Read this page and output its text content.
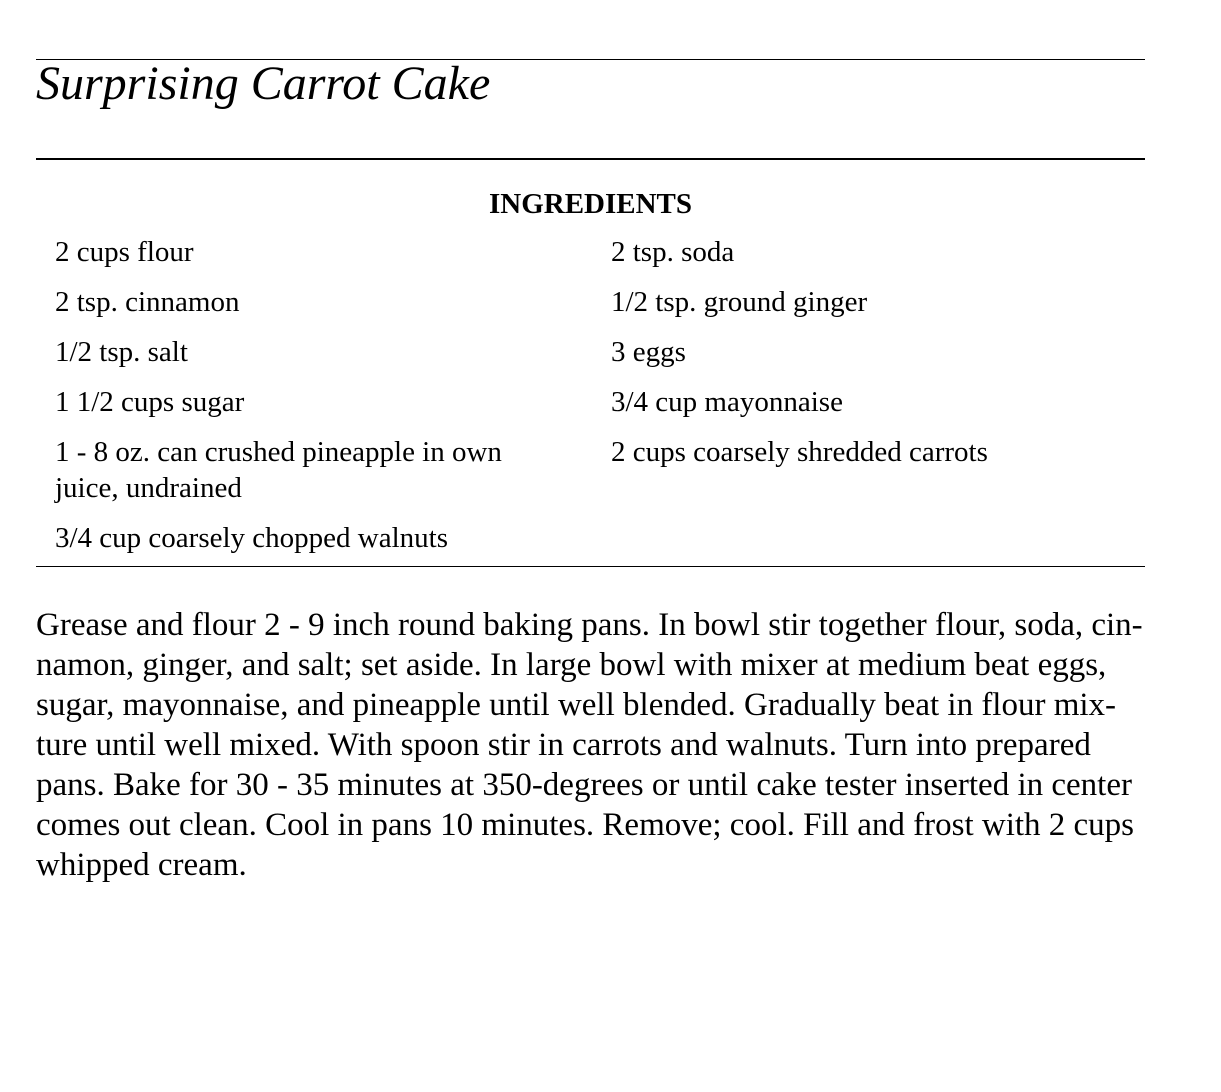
Surprising Carrot Cake
INGREDIENTS
2 cups flour
2 tsp. cinnamon
1/2 tsp. salt
1 1/2 cups sugar
1 - 8 oz. can crushed pineapple in own juice, undrained
3/4 cup coarsely chopped walnuts
2 tsp. soda
1/2 tsp. ground ginger
3 eggs
3/4 cup mayonnaise
2 cups coarsely shredded carrots

Grease and flour 2 - 9 inch round baking pans. In bowl stir together flour, soda, cin-
namon, ginger, and salt; set aside. In large bowl with mixer at medium beat eggs,
sugar, mayonnaise, and pineapple until well blended. Gradually beat in flour mix-
ture until well mixed. With spoon stir in carrots and walnuts. Turn into prepared
pans. Bake for 30 - 35 minutes at 350-degrees or until cake tester inserted in center
comes out clean. Cool in pans 10 minutes. Remove; cool. Fill and frost with 2 cups
whipped cream.
